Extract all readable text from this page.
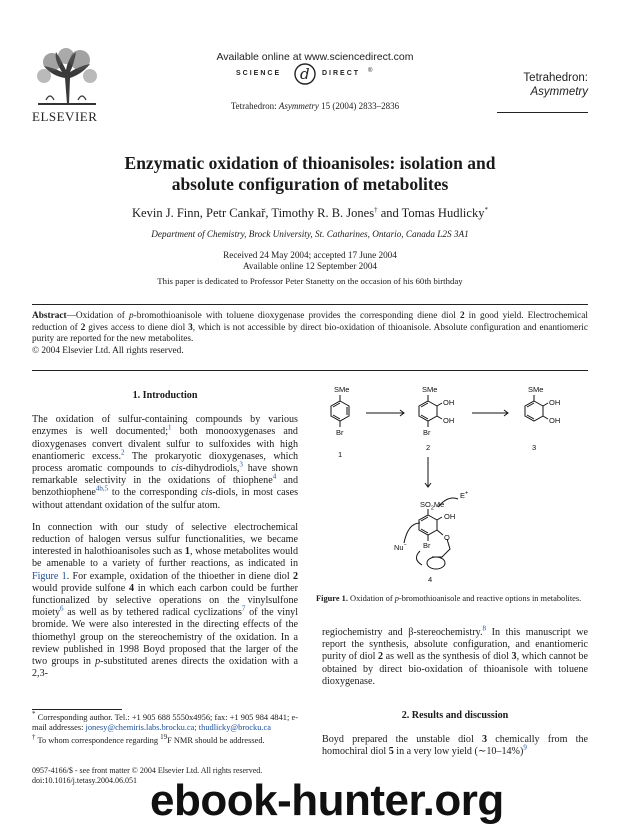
ELSEVIER
Available online at www.sciencedirect.com
SCIENCE d DIRECT ®
Tetrahedron: Asymmetry 15 (2004) 2833–2836
Tetrahedron:
Asymmetry
Enzymatic oxidation of thioanisoles: isolation and
absolute configuration of metabolites
Kevin J. Finn, Petr Cankař, Timothy R. B. Jones† and Tomas Hudlicky*
Department of Chemistry, Brock University, St. Catharines, Ontario, Canada L2S 3A1
Received 24 May 2004; accepted 17 June 2004
Available online 12 September 2004
This paper is dedicated to Professor Peter Stanetty on the occasion of his 60th birthday
Abstract—Oxidation of p-bromothioanisole with toluene dioxygenase provides the corresponding diene diol 2 in good yield. Electrochemical reduction of 2 gives access to diene diol 3, which is not accessible by direct bio-oxidation of thioanisole. Absolute configuration and enantiomeric purity are reported for the new metabolites.
© 2004 Elsevier Ltd. All rights reserved.
1. Introduction

The oxidation of sulfur-containing compounds by various enzymes is well documented;$^1$ both monooxygenases and dioxygenases convert divalent sulfur to sulfoxides with high enantiomeric excess.$^2$ The prokaryotic dioxygenases, which process aromatic compounds to cis-dihydrodiols,$^3$ have shown remarkable selectivity in the oxidations of thiophene$^4$ and benzothiophene$^{4b,5}$ to the corresponding cis-diols, in most cases without attendant oxidation of the sulfur atom.

In connection with our study of selective electrochemical reduction of halogen versus sulfur functionalities, we became interested in halothioanisoles such as 1, whose metabolites would be amenable to a variety of further reactions, as indicated in Figure 1. For example, oxidation of the thioether in diene diol 2 would provide sulfone 4 in which each carbon could be further functionalized by selective operations on the vinylsulfone moiety$^6$ as well as by tethered radical cyclizations$^7$ of the vinyl bromide. We were also interested in the directing effects of the thiomethyl group on the stereochemistry of the oxidation. In a review published in 1998 Boyd proposed that the larger of the two groups in p-substituted arenes directs the oxidation with a 2,3-

* Corresponding author. Tel.: +1 905 688 5550x4956; fax: +1 905 984 4841; e-mail addresses: jonesy@chemiris.labs.brocku.ca; thudlicky@brocku.ca
† To whom correspondence regarding $^{19}$F NMR should be addressed.
0957-4166/$ - see front matter © 2004 Elsevier Ltd. All rights reserved.
doi:10.1016/j.tetasy.2004.06.051
SMe
Br
1
SMe
OH
OH
Br
2
SMe
OH
OH
3
$SO_2Me$
E+
OH
O
Nu− Br
4
Figure 1. Oxidation of p-bromothioanisole and reactive options in metabolites.

regiochemistry and β-stereochemistry.$^8$ In this manuscript we report the synthesis, absolute configuration, and enantiomeric purity of diol 2 as well as the synthesis of diol 3, which cannot be obtained by direct bio-oxidation of thioanisole with toluene dioxygenase.

2. Results and discussion

Boyd prepared the unstable diol 3 chemically from the homochiral diol 5 in a very low yield (∼10–14%)$^9$

ebook-hunter.org
